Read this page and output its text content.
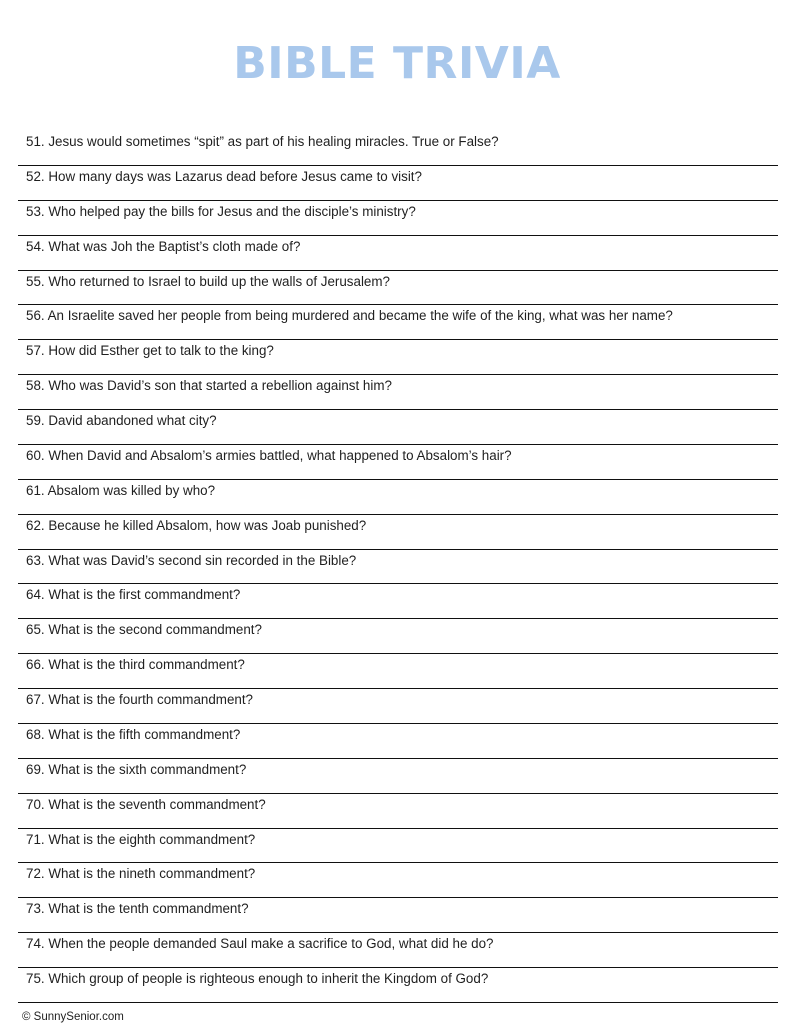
BIBLE TRIVIA
51. Jesus would sometimes “spit” as part of his healing miracles. True or False?
52. How many days was Lazarus dead before Jesus came to visit?
53. Who helped pay the bills for Jesus and the disciple’s ministry?
54. What was Joh the Baptist’s cloth made of?
55. Who returned to Israel to build up the walls of Jerusalem?
56. An Israelite saved her people from being murdered and became the wife of the king, what was her name?
57. How did Esther get to talk to the king?
58. Who was David’s son that started a rebellion against him?
59. David abandoned what city?
60. When David and Absalom’s armies battled, what happened to Absalom’s hair?
61. Absalom was killed by who?
62. Because he killed Absalom, how was Joab punished?
63. What was David’s second sin recorded in the Bible?
64. What is the first commandment?
65. What is the second commandment?
66. What is the third commandment?
67. What is the fourth commandment?
68. What is the fifth commandment?
69. What is the sixth commandment?
70. What is the seventh commandment?
71. What is the eighth commandment?
72. What is the nineth commandment?
73. What is the tenth commandment?
74. When the people demanded Saul make a sacrifice to God, what did he do?
75. Which group of people is righteous enough to inherit the Kingdom of God?
© SunnySenior.com
